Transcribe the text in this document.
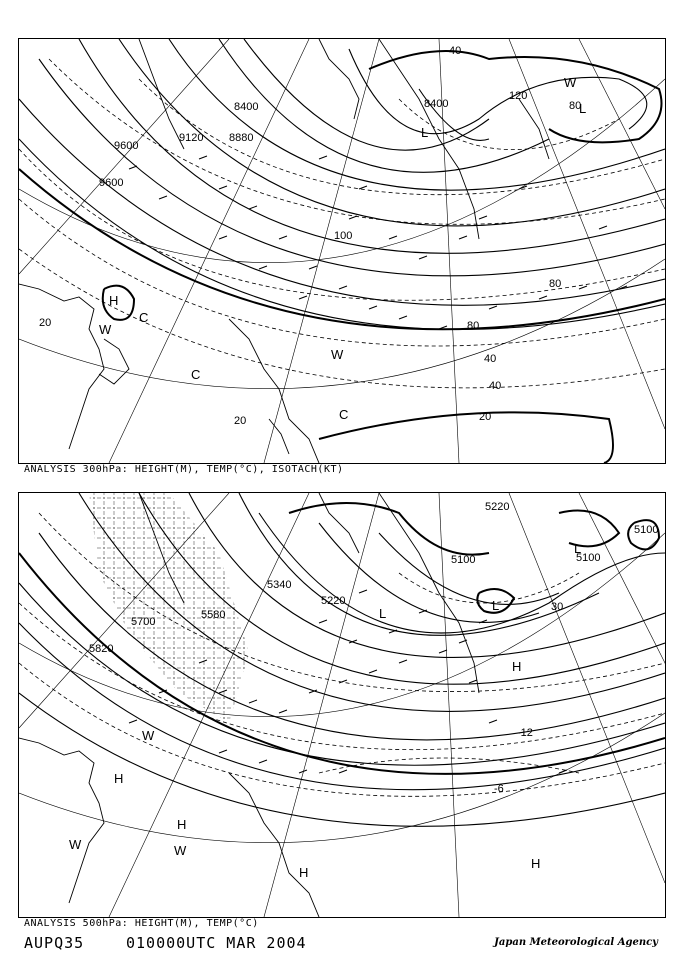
9600
9600
9120 8880
8400	8400
20
20	20
40
40
80
80
100
40
120
80
H
L
L
W
C
C
W
C
W
ANALYSIS 300hPa: HEIGHT(M), TEMP(°C), ISOTACH(KT)
5220
5100	5100
5100
5340
5220
5580
5700
5820
30
-12
-6
L
L
L
H
H
H
H
H
W	W
W
ANALYSIS 500hPa: HEIGHT(M), TEMP(°C)
AUPQ35	010000UTC MAR 2004	Japan Meteorological Agency
